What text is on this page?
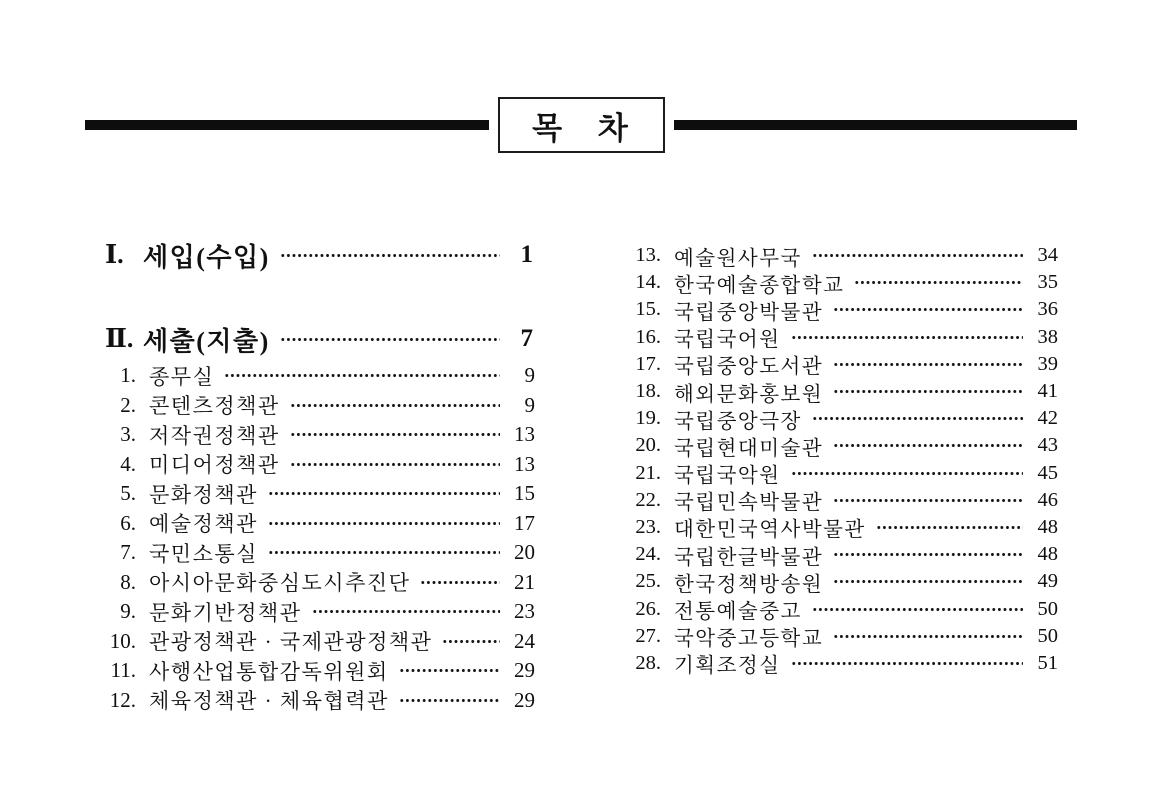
목 차
Ⅰ. 세입(수입)	1
Ⅱ. 세출(지출)	7
1. 종무실	9
2. 콘텐츠정책관	9
3. 저작권정책관	13
4. 미디어정책관	13
5. 문화정책관	15
6. 예술정책관	17
7. 국민소통실	20
8. 아시아문화중심도시추진단	21
9. 문화기반정책관	23
10. 관광정책관 · 국제관광정책관	24
11. 사행산업통합감독위원회	29
12. 체육정책관 · 체육협력관	29
13. 예술원사무국	34
14. 한국예술종합학교	35
15. 국립중앙박물관	36
16. 국립국어원	38
17. 국립중앙도서관	39
18. 해외문화홍보원	41
19. 국립중앙극장	42
20. 국립현대미술관	43
21. 국립국악원	45
22. 국립민속박물관	46
23. 대한민국역사박물관	48
24. 국립한글박물관	48
25. 한국정책방송원	49
26. 전통예술중고	50
27. 국악중고등학교	50
28. 기획조정실	51
